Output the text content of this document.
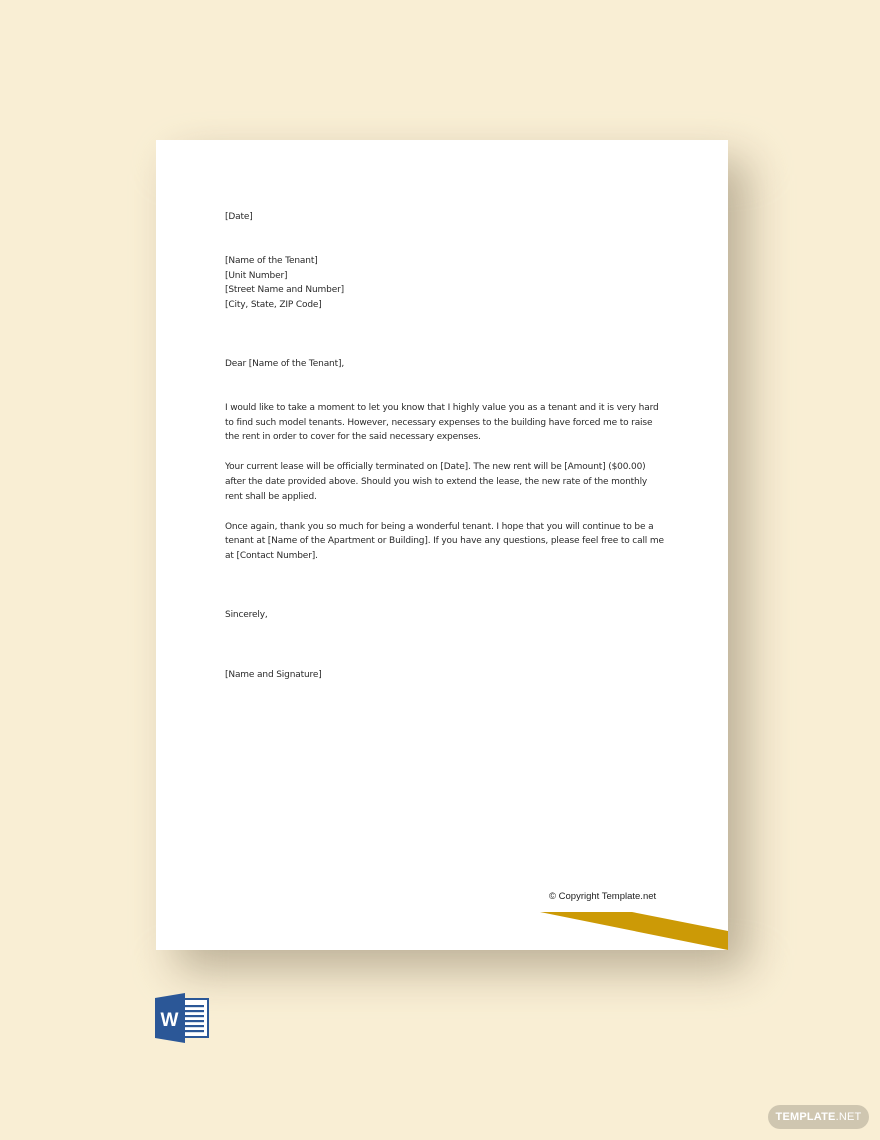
[Date]

[Name of the Tenant]
[Unit Number]
[Street Name and Number]
[City, State, ZIP Code]

Dear [Name of the Tenant],

I would like to take a moment to let you know that I highly value you as a tenant and it is very hard
to find such model tenants. However, necessary expenses to the building have forced me to raise
the rent in order to cover for the said necessary expenses.
Your current lease will be officially terminated on [Date]. The new rent will be [Amount] ($00.00)
after the date provided above. Should you wish to extend the lease, the new rate of the monthly
rent shall be applied.
Once again, thank you so much for being a wonderful tenant. I hope that you will continue to be a
tenant at [Name of the Apartment or Building]. If you have any questions, please feel free to call me
at [Contact Number].

Sincerely,

[Name and Signature]

© Copyright Template.net
W
TEMPLATE.NET
